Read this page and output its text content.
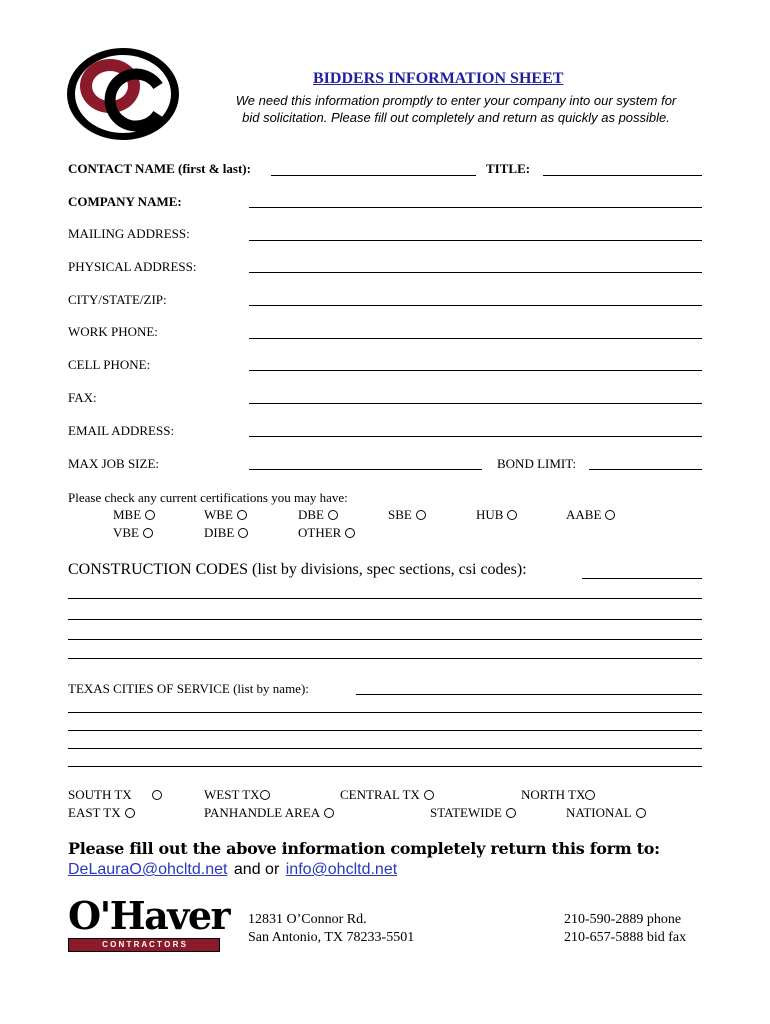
BIDDERS INFORMATION SHEET
We need this information promptly to enter your company into our system for
bid solicitation. Please fill out completely and return as quickly as possible.
CONTACT NAME (first & last):	TITLE:
COMPANY NAME:
MAILING ADDRESS:
PHYSICAL ADDRESS:
CITY/STATE/ZIP:
WORK PHONE:
CELL PHONE:
FAX:
EMAIL ADDRESS:
MAX JOB SIZE:	BOND LIMIT:
Please check any current certifications you may have:
MBE	WBE	DBE	SBE	HUB	AABE
VBE	DIBE	OTHER
CONSTRUCTION CODES (list by divisions, spec sections, csi codes):
TEXAS CITIES OF SERVICE (list by name):
SOUTH TX	WEST TX	CENTRAL TX	NORTH TX
EAST TX	PANHANDLE AREA	STATEWIDE	NATIONAL
Please fill out the above information completely return this form to:
DeLauraO@ohcltd.net and or info@ohcltd.net
O'Haver
C O N T R A C T O R S
12831 O’Connor Rd.
San Antonio, TX 78233-5501
210-590-2889 phone
210-657-5888 bid fax
